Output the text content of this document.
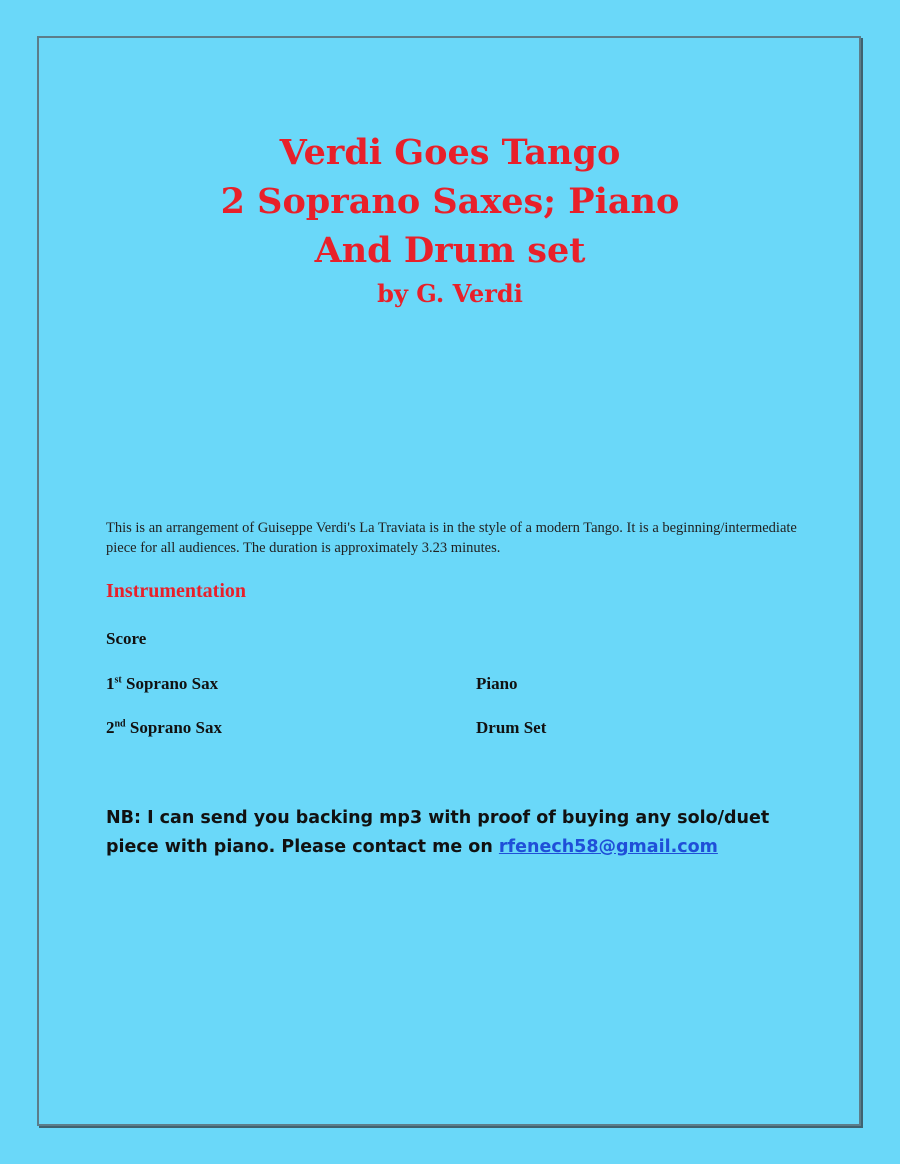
Verdi Goes Tango
2 Soprano Saxes; Piano
And Drum set
by G. Verdi
This is an arrangement of Guiseppe Verdi's La Traviata is in the style of a modern Tango. It is a beginning/intermediate piece for all audiences. The duration is approximately 3.23 minutes.
Instrumentation
Score
1st Soprano Sax	Piano
2nd Soprano Sax	Drum Set
NB: I can send you backing mp3 with proof of buying any solo/duet piece with piano. Please contact me on rfenech58@gmail.com
